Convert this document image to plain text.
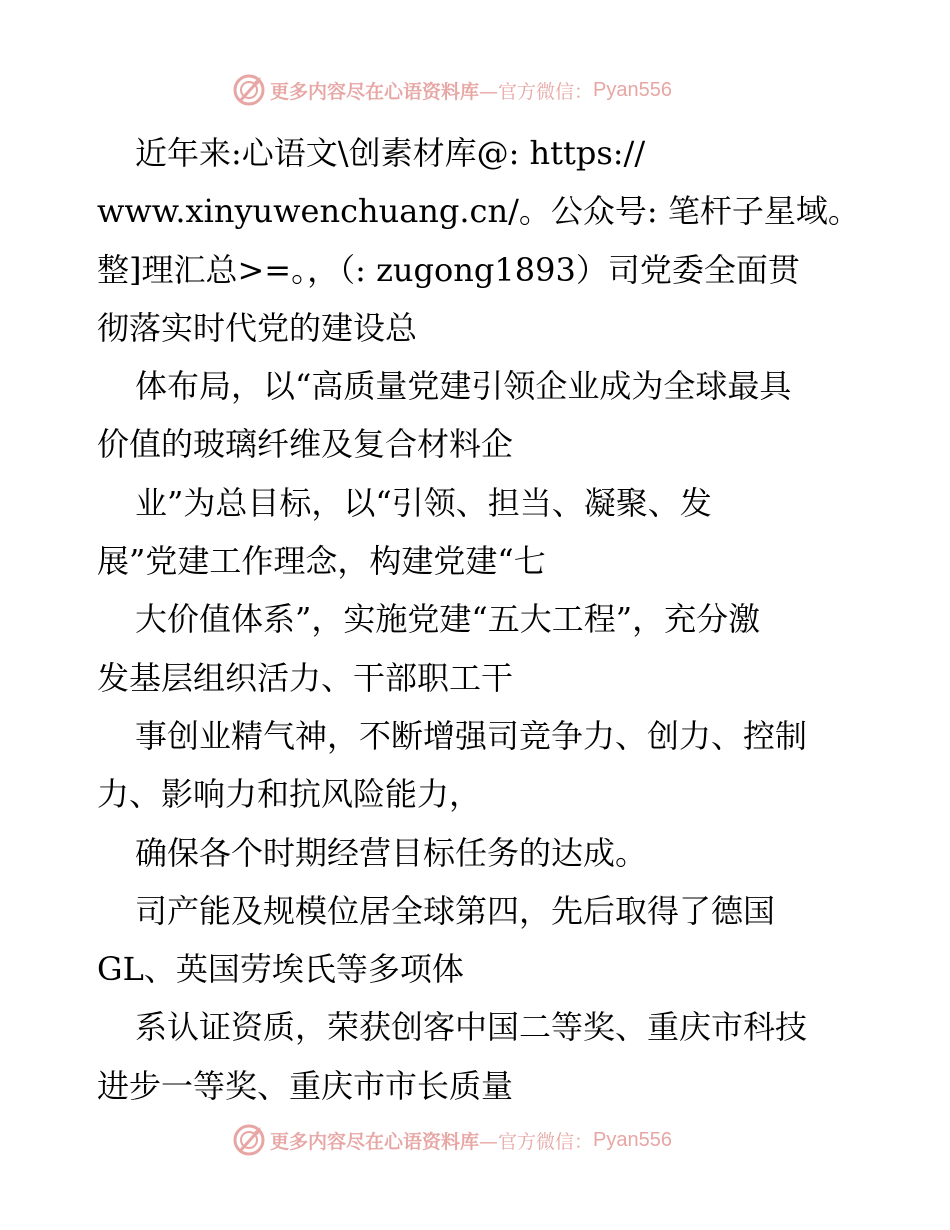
更多内容尽在心语资料库 —官方微信： Pyan556
近年来:心语文\创素材库@: https://
www.xinyuwenchuang.cn/。公众号: 笔杆子星域。
整]理汇总>=。，（: zugong1893）司党委全面贯
彻落实时代党的建设总
体布局，以“高质量党建引领企业成为全球最具
价值的玻璃纤维及复合材料企
业”为总目标，以“引领、担当、凝聚、发
展”党建工作理念，构建党建“七
大价值体系”，实施党建“五大工程”，充分激
发基层组织活力、干部职工干
事创业精气神，不断增强司竞争力、创力、控制
力、影响力和抗风险能力，
确保各个时期经营目标任务的达成。
司产能及规模位居全球第四，先后取得了德国
GL、英国劳埃氏等多项体
系认证资质，荣获创客中国二等奖、重庆市科技
进步一等奖、重庆市市长质量
更多内容尽在心语资料库 —官方微信： Pyan556
